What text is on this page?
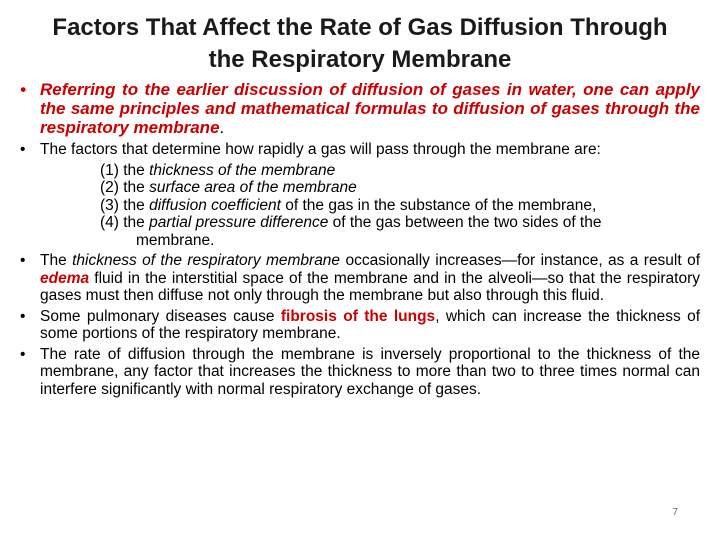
Factors That Affect the Rate of Gas Diffusion Through
the Respiratory Membrane
• Referring to the earlier discussion of diffusion of gases in water, one can apply the same principles and mathematical formulas to diffusion of gases through the respiratory membrane.
• The factors that determine how rapidly a gas will pass through the membrane are:
(1) the thickness of the membrane
(2) the surface area of the membrane
(3) the diffusion coefficient of the gas in the substance of the membrane,
(4) the partial pressure difference of the gas between the two sides of the
membrane.
• The thickness of the respiratory membrane occasionally increases—for instance, as a result of edema fluid in the interstitial space of the membrane and in the alveoli—so that the respiratory gases must then diffuse not only through the membrane but also through this fluid.
• Some pulmonary diseases cause fibrosis of the lungs, which can increase the thickness of some portions of the respiratory membrane.
• The rate of diffusion through the membrane is inversely proportional to the thickness of the membrane, any factor that increases the thickness to more than two to three times normal can interfere significantly with normal respiratory exchange of gases.
7
